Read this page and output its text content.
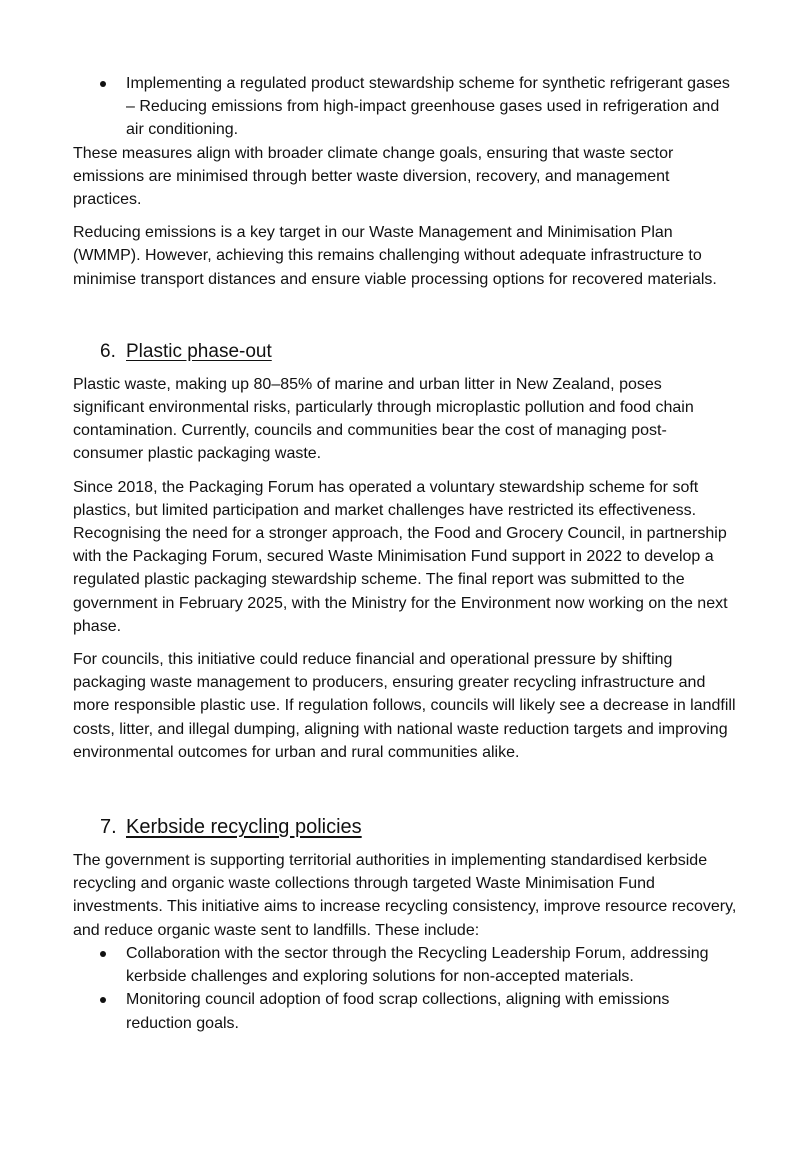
Implementing a regulated product stewardship scheme for synthetic refrigerant gases – Reducing emissions from high-impact greenhouse gases used in refrigeration and air conditioning.

These measures align with broader climate change goals, ensuring that waste sector emissions are minimised through better waste diversion, recovery, and management practices.

Reducing emissions is a key target in our Waste Management and Minimisation Plan (WMMP). However, achieving this remains challenging without adequate infrastructure to minimise transport distances and ensure viable processing options for recovered materials.

6. Plastic phase-out

Plastic waste, making up 80–85% of marine and urban litter in New Zealand, poses significant environmental risks, particularly through microplastic pollution and food chain contamination. Currently, councils and communities bear the cost of managing post-consumer plastic packaging waste.

Since 2018, the Packaging Forum has operated a voluntary stewardship scheme for soft plastics, but limited participation and market challenges have restricted its effectiveness. Recognising the need for a stronger approach, the Food and Grocery Council, in partnership with the Packaging Forum, secured Waste Minimisation Fund support in 2022 to develop a regulated plastic packaging stewardship scheme. The final report was submitted to the government in February 2025, with the Ministry for the Environment now working on the next phase.

For councils, this initiative could reduce financial and operational pressure by shifting packaging waste management to producers, ensuring greater recycling infrastructure and more responsible plastic use. If regulation follows, councils will likely see a decrease in landfill costs, litter, and illegal dumping, aligning with national waste reduction targets and improving environmental outcomes for urban and rural communities alike.

7. Kerbside recycling policies

The government is supporting territorial authorities in implementing standardised kerbside recycling and organic waste collections through targeted Waste Minimisation Fund investments. This initiative aims to increase recycling consistency, improve resource recovery, and reduce organic waste sent to landfills. These include:

Collaboration with the sector through the Recycling Leadership Forum, addressing kerbside challenges and exploring solutions for non-accepted materials.
Monitoring council adoption of food scrap collections, aligning with emissions reduction goals.
